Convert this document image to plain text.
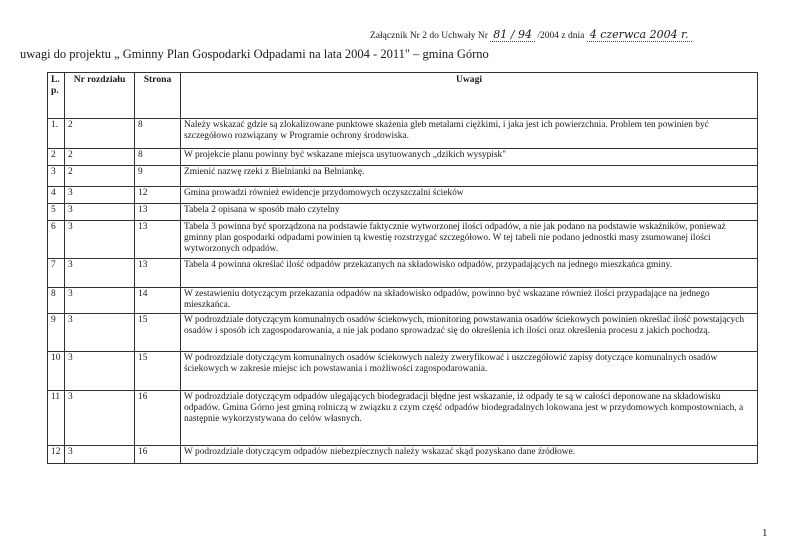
Załącznik Nr 2 do Uchwały Nr 81 / 94 /2004 z dnia 4 czerwca 2004 r.
uwagi do projektu „ Gminny Plan Gospodarki Odpadami na lata 2004 - 2011" – gmina Górno
L. p.	Nr rozdziału	Strona	Uwagi
1.	2	8	Należy wskazać gdzie są zlokalizowane punktowe skażenia gleb metalami ciężkimi, i jaka jest ich powierzchnia. Problem ten powinien być szczegółowo rozwiązany w Programie ochrony środowiska.
2	2	8	W projekcie planu powinny być wskazane miejsca usytuowanych „dzikich wysypisk"
3	2	9	Zmienić nazwę rzeki z Bielnianki na Belniankę.
4	3	12	Gmina prowadzi również ewidencje przydomowych oczyszczalni ścieków
5	3	13	Tabela 2 opisana w sposób mało czytelny
6	3	13	Tabela 3 powinna być sporządzona na podstawie faktycznie wytworzonej ilości odpadów, a nie jak podano na podstawie wskaźników, ponieważ gminny plan gospodarki odpadami powinien tą kwestię rozstrzygać szczegółowo. W tej tabeli nie podano jednostki masy zsumowanej ilości wytworzonych odpadów.
7	3	13	Tabela 4 powinna określać ilość odpadów przekazanych na składowisko odpadów, przypadających na jednego mieszkańca gminy.
8	3	14	W zestawieniu dotyczącym przekazania odpadów na składowisko odpadów, powinno być wskazane również ilości przypadające na jednego mieszkańca.
9	3	15	W podrozdziale dotyczącym komunalnych osadów ściekowych, mionitoring powstawania osadów ściekowych powinien określać ilość powstających osadów i sposób ich zagospodarowania, a nie jak podano sprowadzać się do określenia ich ilości oraz określenia procesu z jakich pochodzą.
10	3	15	W podrozdziale dotyczącym komunalnych osadów ściekowych należy zweryfikować i uszczegółowić zapisy dotyczące komunalnych osadów ściekowych w zakresie miejsc ich powstawania i możliwości zagospodarowania.
11	3	16	W podrozdziale dotyczącym odpadów ulegających biodegradacji błędne jest wskazanie, iż odpady te są w całości deponowane na składowisku odpadów. Gmina Górno jest gminą rolniczą w związku z czym część odpadów biodegradalnych lokowana jest w przydomowych kompostowniach, a następnie wykorzystywana do celów własnych.
12	3	16	W podrozdziale dotyczącym odpadów niebezpiecznych należy wskazać skąd pozyskano dane źródłowe.
1
